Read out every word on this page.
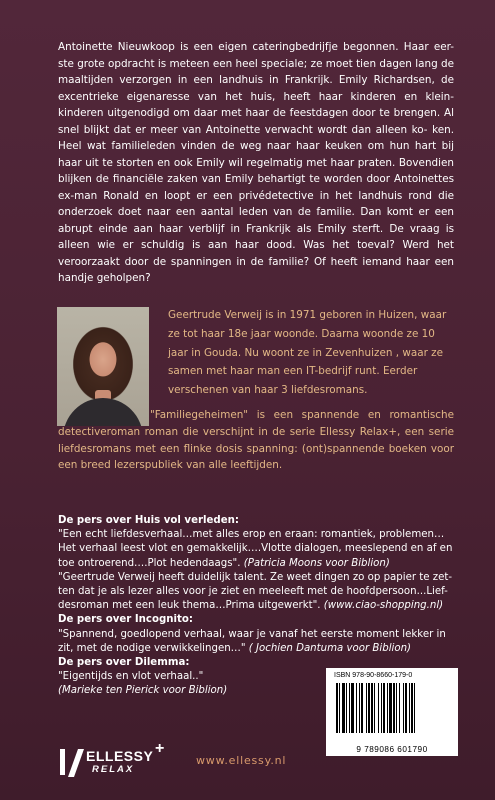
Antoinette Nieuwkoop is een eigen cateringbedrijfje begonnen. Haar eer- ste grote opdracht is meteen een heel speciale; ze moet tien dagen lang de maaltijden verzorgen in een landhuis in Frankrijk. Emily Richardsen, de excentrieke eigenaresse van het huis, heeft haar kinderen en klein- kinderen uitgenodigd om daar met haar de feestdagen door te brengen. Al snel blijkt dat er meer van Antoinette verwacht wordt dan alleen ko- ken. Heel wat familieleden vinden de weg naar haar keuken om hun hart bij haar uit te storten en ook Emily wil regelmatig met haar praten. Bovendien blijken de financiële zaken van Emily behartigt te worden door Antoinettes ex-man Ronald en loopt er een privédetective in het landhuis rond die onderzoek doet naar een aantal leden van de familie. Dan komt er een abrupt einde aan haar verblijf in Frankrijk als Emily sterft. De vraag is alleen wie er schuldig is aan haar dood. Was het toeval? Werd het veroorzaakt door de spanningen in de familie? Of heeft iemand haar een handje geholpen?

Geertrude Verweij is in 1971 geboren in Huizen, waar ze tot haar 18e jaar woonde. Daarna woonde ze 10 jaar in Gouda. Nu woont ze in Zevenhuizen , waar ze samen met haar man een IT-bedrijf runt. Eerder verschenen van haar 3 liefdesromans.

"Familiegeheimen" is een spannende en romantische detectiveroman roman die verschijnt in de serie Ellessy Relax+, een serie liefdesromans met een flinke dosis spanning: (ont)spannende boeken voor een breed lezerspubliek van alle leeftijden.

De pers over Huis vol verleden:
"Een echt liefdesverhaal…met alles erop en eraan: romantiek, problemen… Het verhaal leest vlot en gemakkelijk….Vlotte dialogen, meeslepend en af en toe ontroerend….Plot hedendaags". (Patricia Moons voor Biblion)
"Geertrude Verweij heeft duidelijk talent. Ze weet dingen zo op papier te zet- ten dat je als lezer alles voor je ziet en meeleeft met de hoofdpersoon...Lief- desroman met een leuk thema…Prima uitgewerkt". (www.ciao-shopping.nl)
De pers over Incognito:
"Spannend, goedlopend verhaal, waar je vanaf het eerste moment lekker in zit, met de nodige verwikkelingen…" ( Jochien Dantuma voor Biblion)
De pers over Dilemma:
"Eigentijds en vlot verhaal.."
(Marieke ten Pierick voor Biblion)
ISBN 978-90-8660-179-0
9 789086 601790
ELLESSY +
RELAX
www.ellessy.nl
